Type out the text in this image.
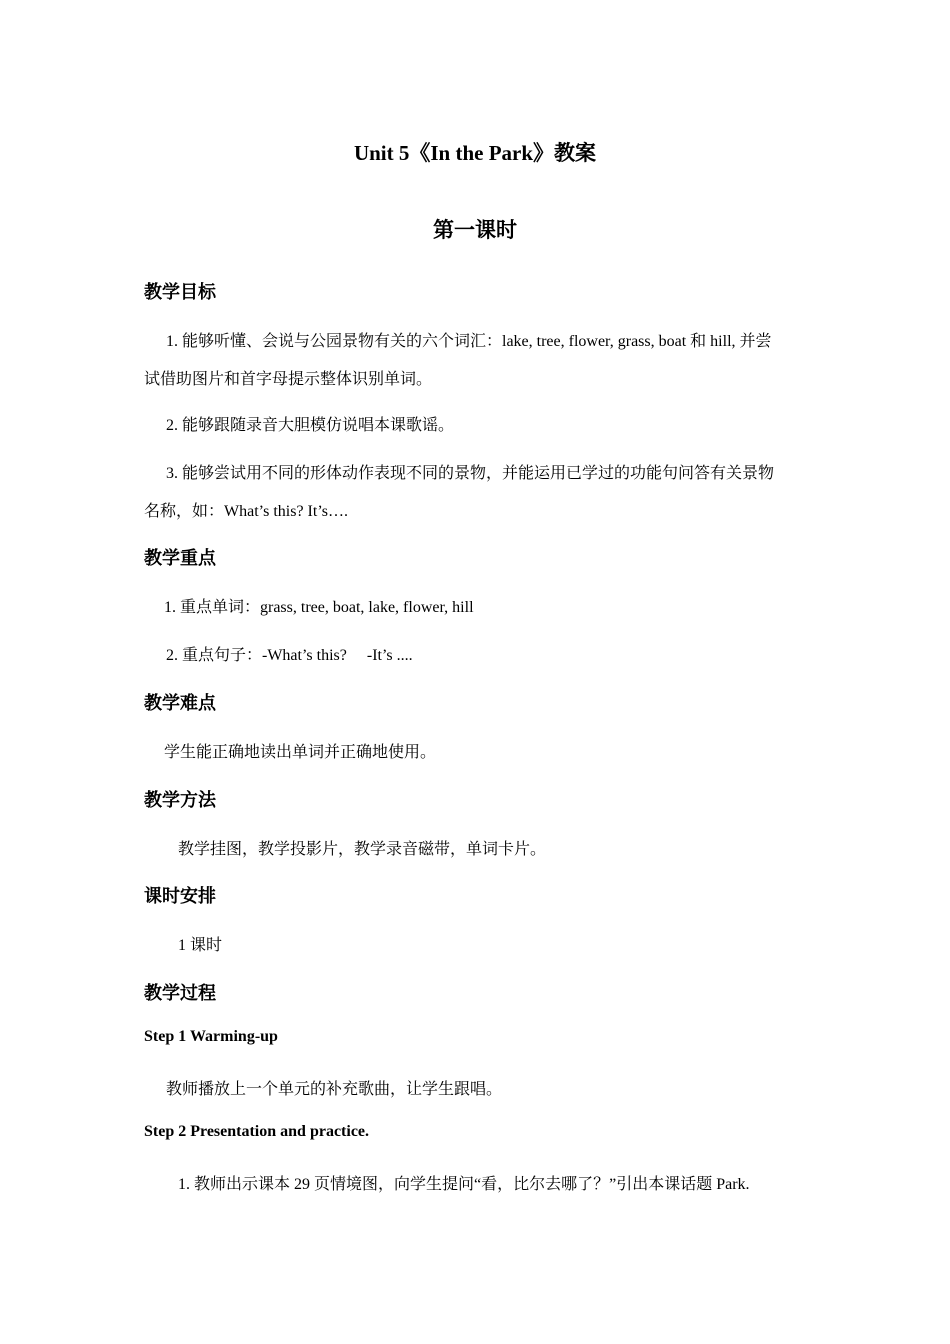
Unit 5《In the Park》教案
第一课时
教学目标
1. 能够听懂、会说与公园景物有关的六个词汇：lake, tree, flower, grass, boat 和 hill, 并尝
试借助图片和首字母提示整体识别单词。
2. 能够跟随录音大胆模仿说唱本课歌谣。
3. 能够尝试用不同的形体动作表现不同的景物，并能运用已学过的功能句问答有关景物
名称，如：What’s this? It’s….
教学重点
1. 重点单词：grass, tree, boat, lake, flower, hill
2. 重点句子：-What’s this?     -It’s ....
教学难点
学生能正确地读出单词并正确地使用。
教学方法
教学挂图，教学投影片，教学录音磁带，单词卡片。
课时安排
1 课时
教学过程
Step 1 Warming-up
教师播放上一个单元的补充歌曲，让学生跟唱。
Step 2 Presentation and practice.
1. 教师出示课本 29 页情境图，向学生提问“看，比尔去哪了？”引出本课话题 Park.
